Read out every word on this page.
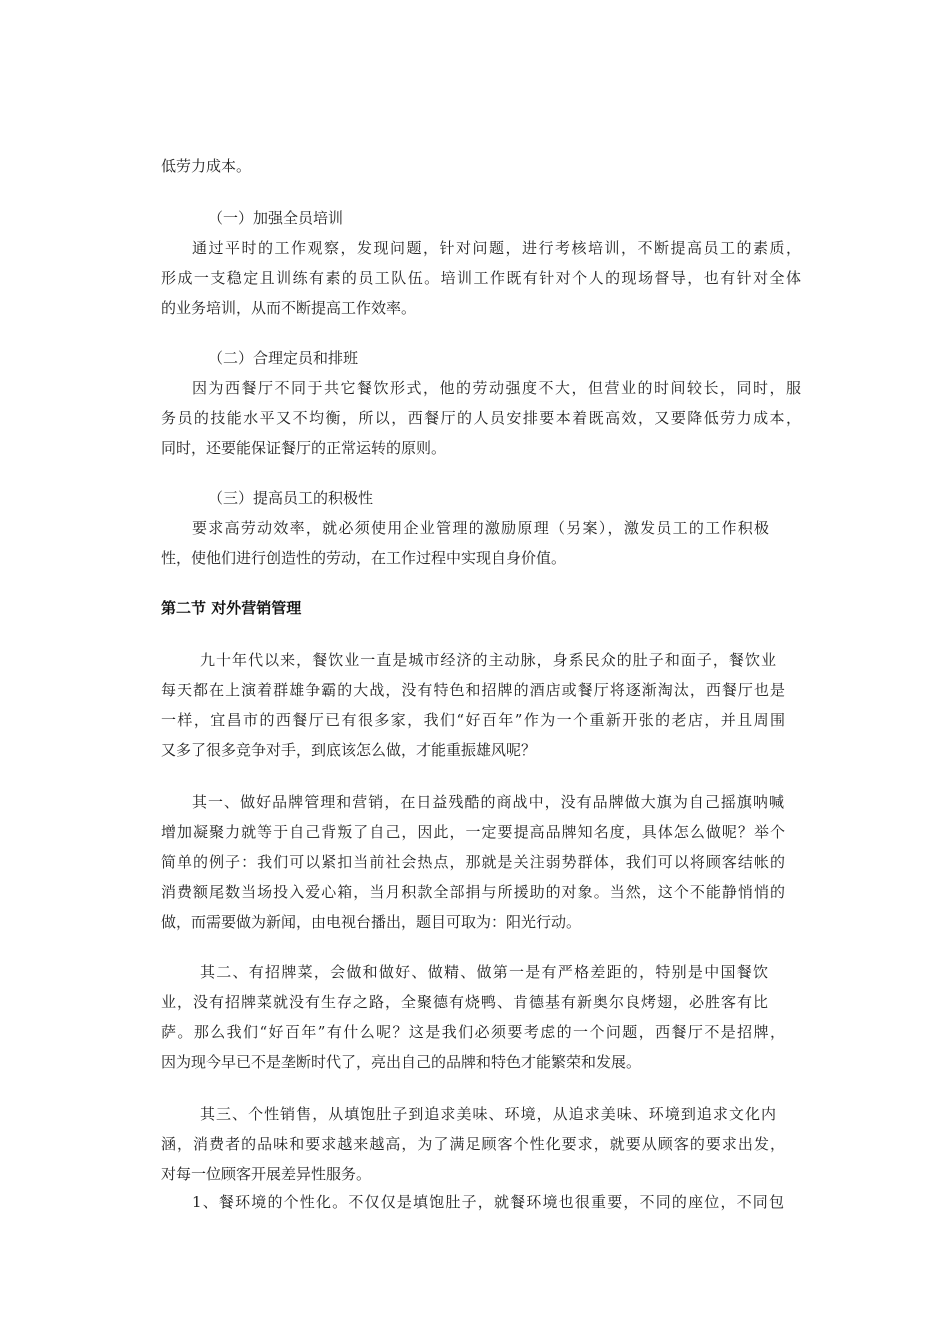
低劳力成本。
（一）加强全员培训
通过平时的工作观察，发现问题，针对问题，进行考核培训，不断提高员工的素质，
形成一支稳定且训练有素的员工队伍。培训工作既有针对个人的现场督导，也有针对全体
的业务培训，从而不断提高工作效率。
（二）合理定员和排班
因为西餐厅不同于共它餐饮形式，他的劳动强度不大，但营业的时间较长，同时，服
务员的技能水平又不均衡，所以，西餐厅的人员安排要本着既高效，又要降低劳力成本，
同时，还要能保证餐厅的正常运转的原则。
（三）提高员工的积极性
要求高劳动效率，就必须使用企业管理的激励原理（另案），激发员工的工作积极
性，使他们进行创造性的劳动，在工作过程中实现自身价值。
第二节 对外营销管理
九十年代以来，餐饮业一直是城市经济的主动脉，身系民众的肚子和面子，餐饮业
每天都在上演着群雄争霸的大战，没有特色和招牌的酒店或餐厅将逐渐淘汰，西餐厅也是
一样，宜昌市的西餐厅已有很多家，我们“好百年”作为一个重新开张的老店，并且周围
又多了很多竞争对手，到底该怎么做，才能重振雄风呢？
其一、做好品牌管理和营销，在日益残酷的商战中，没有品牌做大旗为自己摇旗呐喊
增加凝聚力就等于自己背叛了自己，因此，一定要提高品牌知名度，具体怎么做呢？举个
简单的例子：我们可以紧扣当前社会热点，那就是关注弱势群体，我们可以将顾客结帐的
消费额尾数当场投入爱心箱，当月积款全部捐与所援助的对象。当然，这个不能静悄悄的
做，而需要做为新闻，由电视台播出，题目可取为：阳光行动。
其二、有招牌菜，会做和做好、做精、做第一是有严格差距的，特别是中国餐饮
业，没有招牌菜就没有生存之路，全聚德有烧鸭、肯德基有新奥尔良烤翅，必胜客有比
萨。那么我们“好百年”有什么呢？这是我们必须要考虑的一个问题，西餐厅不是招牌，
因为现今早已不是垄断时代了，亮出自己的品牌和特色才能繁荣和发展。
其三、个性销售，从填饱肚子到追求美味、环境，从追求美味、环境到追求文化内
涵，消费者的品味和要求越来越高，为了满足顾客个性化要求，就要从顾客的要求出发，
对每一位顾客开展差异性服务。
1、餐环境的个性化。不仅仅是填饱肚子，就餐环境也很重要，不同的座位，不同包
